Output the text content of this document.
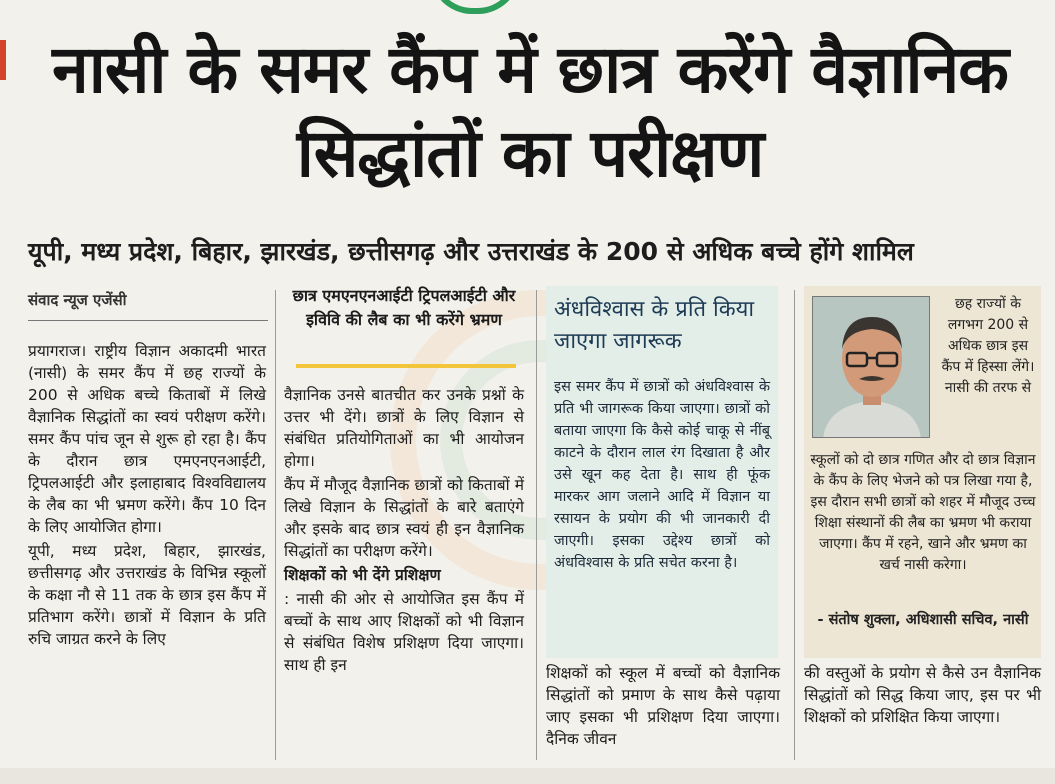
नासी के समर कैंप में छात्र करेंगे वैज्ञानिक सिद्धांतों का परीक्षण
यूपी, मध्य प्रदेश, बिहार, झारखंड, छत्तीसगढ़ और उत्तराखंड के 200 से अधिक बच्चे होंगे शामिल
संवाद न्यूज एजेंसी

प्रयागराज। राष्ट्रीय विज्ञान अकादमी भारत (नासी) के समर कैंप में छह राज्यों के 200 से अधिक बच्चे किताबों में लिखे वैज्ञानिक सिद्धांतों का स्वयं परीक्षण करेंगे। समर कैंप पांच जून से शुरू हो रहा है। कैंप के दौरान छात्र एमएनएनआईटी, ट्रिपलआईटी और इलाहाबाद विश्वविद्यालय के लैब का भी भ्रमण करेंगे। कैंप 10 दिन के लिए आयोजित होगा।

यूपी, मध्य प्रदेश, बिहार, झारखंड, छत्तीसगढ़ और उत्तराखंड के विभिन्न स्कूलों के कक्षा नौ से 11 तक के छात्र इस कैंप में प्रतिभाग करेंगे। छात्रों में विज्ञान के प्रति रुचि जाग्रत करने के लिए

छात्र एमएनएनआईटी ट्रिपलआईटी और इविवि की लैब का भी करेंगे भ्रमण

वैज्ञानिक उनसे बातचीत कर उनके प्रश्नों के उत्तर भी देंगे। छात्रों के लिए विज्ञान से संबंधित प्रतियोगिताओं का भी आयोजन होगा।

कैंप में मौजूद वैज्ञानिक छात्रों को किताबों में लिखे विज्ञान के सिद्धांतों के बारे बताएंगे और इसके बाद छात्र स्वयं ही इन वैज्ञानिक सिद्धांतों का परीक्षण करेंगे।

शिक्षकों को भी देंगे प्रशिक्षण

: नासी की ओर से आयोजित इस कैंप में बच्चों के साथ आए शिक्षकों को भी विज्ञान से संबंधित विशेष प्रशिक्षण दिया जाएगा। साथ ही इन

अंधविश्वास के प्रति किया जाएगा जागरूक
इस समर कैंप में छात्रों को अंधविश्वास के प्रति भी जागरूक किया जाएगा। छात्रों को बताया जाएगा कि कैसे कोई चाकू से नींबू काटने के दौरान लाल रंग दिखाता है और उसे खून कह देता है। साथ ही फूंक मारकर आग जलाने आदि में विज्ञान या रसायन के प्रयोग की भी जानकारी दी जाएगी। इसका उद्देश्य छात्रों को अंधविश्वास के प्रति सचेत करना है।
शिक्षकों को स्कूल में बच्चों को वैज्ञानिक सिद्धांतों को प्रमाण के साथ कैसे पढ़ाया जाए इसका भी प्रशिक्षण दिया जाएगा। दैनिक जीवन
छह राज्यों के लगभग 200 से अधिक छात्र इस कैंप में हिस्सा लेंगे। नासी की तरफ से
स्कूलों को दो छात्र गणित और दो छात्र विज्ञान के कैंप के लिए भेजने को पत्र लिखा गया है, इस दौरान सभी छात्रों को शहर में मौजूद उच्च शिक्षा संस्थानों की लैब का भ्रमण भी कराया जाएगा। कैंप में रहने, खाने और भ्रमण का खर्च नासी करेगा।
- संतोष शुक्ला, अधिशासी सचिव, नासी
की वस्तुओं के प्रयोग से कैसे उन वैज्ञानिक सिद्धांतों को सिद्ध किया जाए, इस पर भी शिक्षकों को प्रशिक्षित किया जाएगा।
